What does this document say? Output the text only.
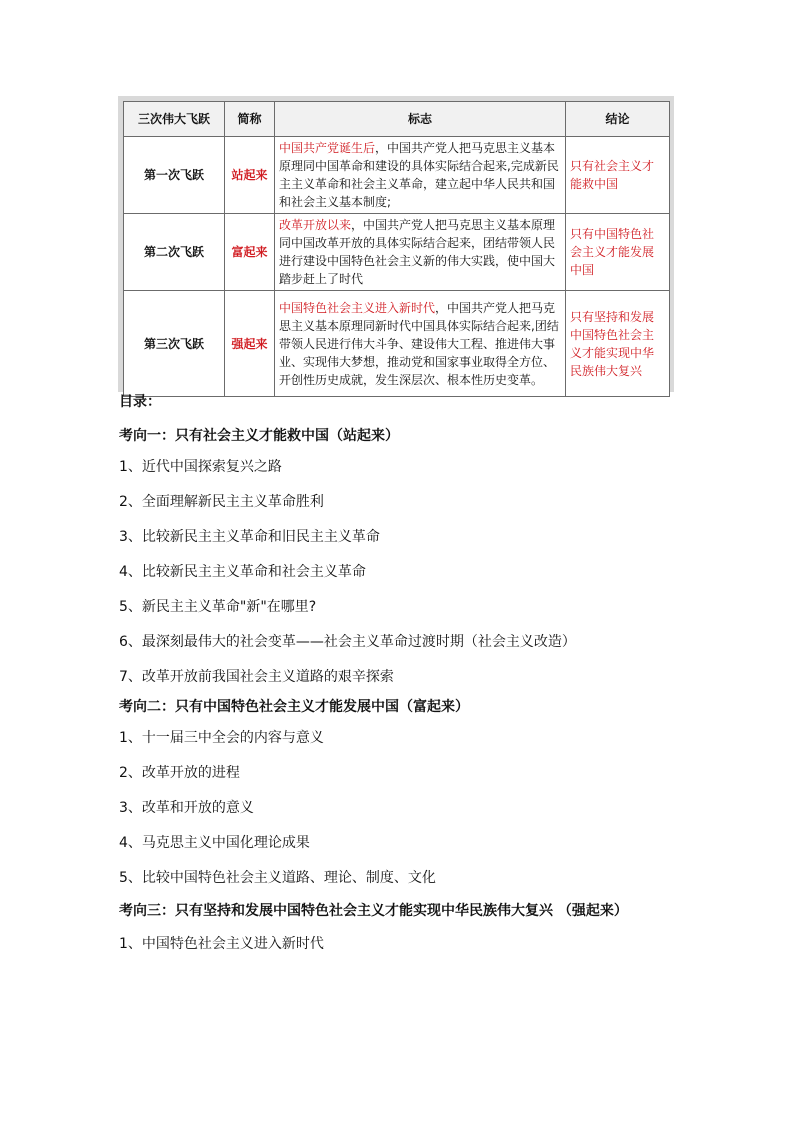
三次伟大飞跃	简称	标志	结论
第一次飞跃	站起来	中国共产党诞生后，中国共产党人把马克思主义基本原理同中国革命和建设的具体实际结合起来,完成新民主主义革命和社会主义革命，建立起中华人民共和国和社会主义基本制度;	只有社会主义才能救中国
第二次飞跃	富起来	改革开放以来，中国共产党人把马克思主义基本原理同中国改革开放的具体实际结合起来，团结带领人民进行建设中国特色社会主义新的伟大实践，使中国大踏步赶上了时代	只有中国特色社会主义才能发展中国
第三次飞跃	强起来	中国特色社会主义进入新时代，中国共产党人把马克思主义基本原理同新时代中国具体实际结合起来,团结带领人民进行伟大斗争、建设伟大工程、推进伟大事业、实现伟大梦想，推动党和国家事业取得全方位、开创性历史成就，发生深层次、根本性历史变革。	只有坚持和发展中国特色社会主义才能实现中华民族伟大复兴
目录：
考向一：只有社会主义才能救中国（站起来）
1、近代中国探索复兴之路
2、全面理解新民主主义革命胜利
3、比较新民主主义革命和旧民主主义革命
4、比较新民主主义革命和社会主义革命
5、新民主主义革命"新"在哪里?
6、最深刻最伟大的社会变革——社会主义革命过渡时期（社会主义改造）
7、改革开放前我国社会主义道路的艰辛探索
考向二：只有中国特色社会主义才能发展中国（富起来）
1、十一届三中全会的内容与意义
2、改革开放的进程
3、改革和开放的意义
4、马克思主义中国化理论成果
5、比较中国特色社会主义道路、理论、制度、文化
考向三：只有坚持和发展中国特色社会主义才能实现中华民族伟大复兴 （强起来）
1、中国特色社会主义进入新时代
